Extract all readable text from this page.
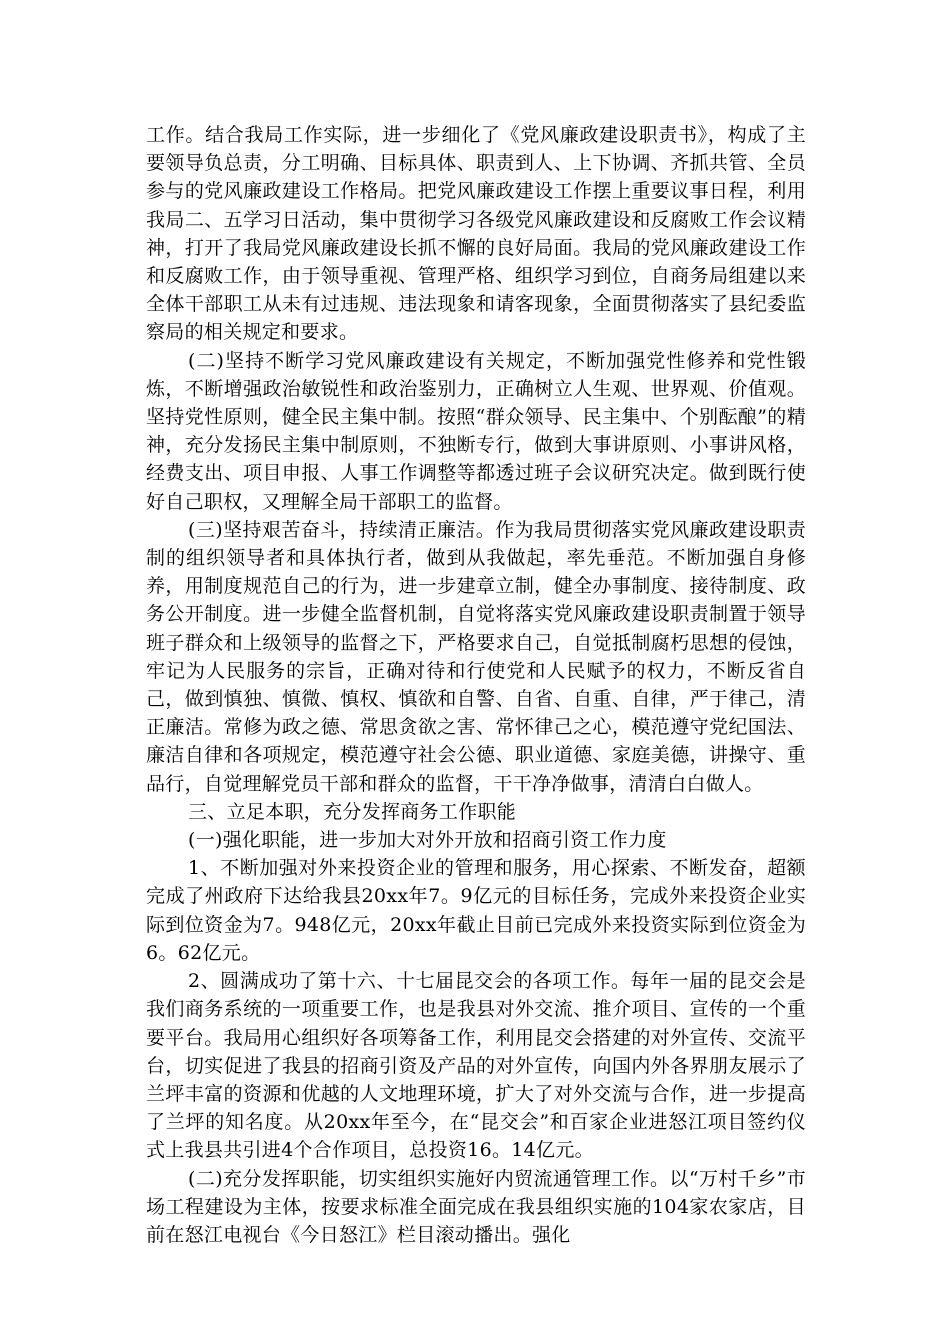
工作。结合我局工作实际，进一步细化了《党风廉政建设职责书》，构成了主要领导负总责，分工明确、目标具体、职责到人、上下协调、齐抓共管、全员参与的党风廉政建设工作格局。把党风廉政建设工作摆上重要议事日程，利用我局二、五学习日活动，集中贯彻学习各级党风廉政建设和反腐败工作会议精神，打开了我局党风廉政建设长抓不懈的良好局面。我局的党风廉政建设工作和反腐败工作，由于领导重视、管理严格、组织学习到位，自商务局组建以来全体干部职工从未有过违规、违法现象和请客现象，全面贯彻落实了县纪委监察局的相关规定和要求。

(二)坚持不断学习党风廉政建设有关规定，不断加强党性修养和党性锻炼，不断增强政治敏锐性和政治鉴别力，正确树立人生观、世界观、价值观。坚持党性原则，健全民主集中制。按照“群众领导、民主集中、个别酝酿”的精神，充分发扬民主集中制原则，不独断专行，做到大事讲原则、小事讲风格，经费支出、项目申报、人事工作调整等都透过班子会议研究决定。做到既行使好自己职权，又理解全局干部职工的监督。

(三)坚持艰苦奋斗，持续清正廉洁。作为我局贯彻落实党风廉政建设职责制的组织领导者和具体执行者，做到从我做起，率先垂范。不断加强自身修养，用制度规范自己的行为，进一步建章立制，健全办事制度、接待制度、政务公开制度。进一步健全监督机制，自觉将落实党风廉政建设职责制置于领导班子群众和上级领导的监督之下，严格要求自己，自觉抵制腐朽思想的侵蚀，牢记为人民服务的宗旨，正确对待和行使党和人民赋予的权力，不断反省自己，做到慎独、慎微、慎权、慎欲和自警、自省、自重、自律，严于律己，清正廉洁。常修为政之德、常思贪欲之害、常怀律己之心，模范遵守党纪国法、廉洁自律和各项规定，模范遵守社会公德、职业道德、家庭美德，讲操守、重品行，自觉理解党员干部和群众的监督，干干净净做事，清清白白做人。

三、立足本职，充分发挥商务工作职能

(一)强化职能，进一步加大对外开放和招商引资工作力度

1、不断加强对外来投资企业的管理和服务，用心探索、不断发奋，超额完成了州政府下达给我县20xx年7。9亿元的目标任务，完成外来投资企业实际到位资金为7。948亿元，20xx年截止目前已完成外来投资实际到位资金为6。62亿元。

2、圆满成功了第十六、十七届昆交会的各项工作。每年一届的昆交会是我们商务系统的一项重要工作，也是我县对外交流、推介项目、宣传的一个重要平台。我局用心组织好各项筹备工作，利用昆交会搭建的对外宣传、交流平台，切实促进了我县的招商引资及产品的对外宣传，向国内外各界朋友展示了兰坪丰富的资源和优越的人文地理环境，扩大了对外交流与合作，进一步提高了兰坪的知名度。从20xx年至今，在“昆交会”和百家企业进怒江项目签约仪式上我县共引进4个合作项目，总投资16。14亿元。

(二)充分发挥职能，切实组织实施好内贸流通管理工作。以“万村千乡”市场工程建设为主体，按要求标准全面完成在我县组织实施的104家农家店，目前在怒江电视台《今日怒江》栏目滚动播出。强化
